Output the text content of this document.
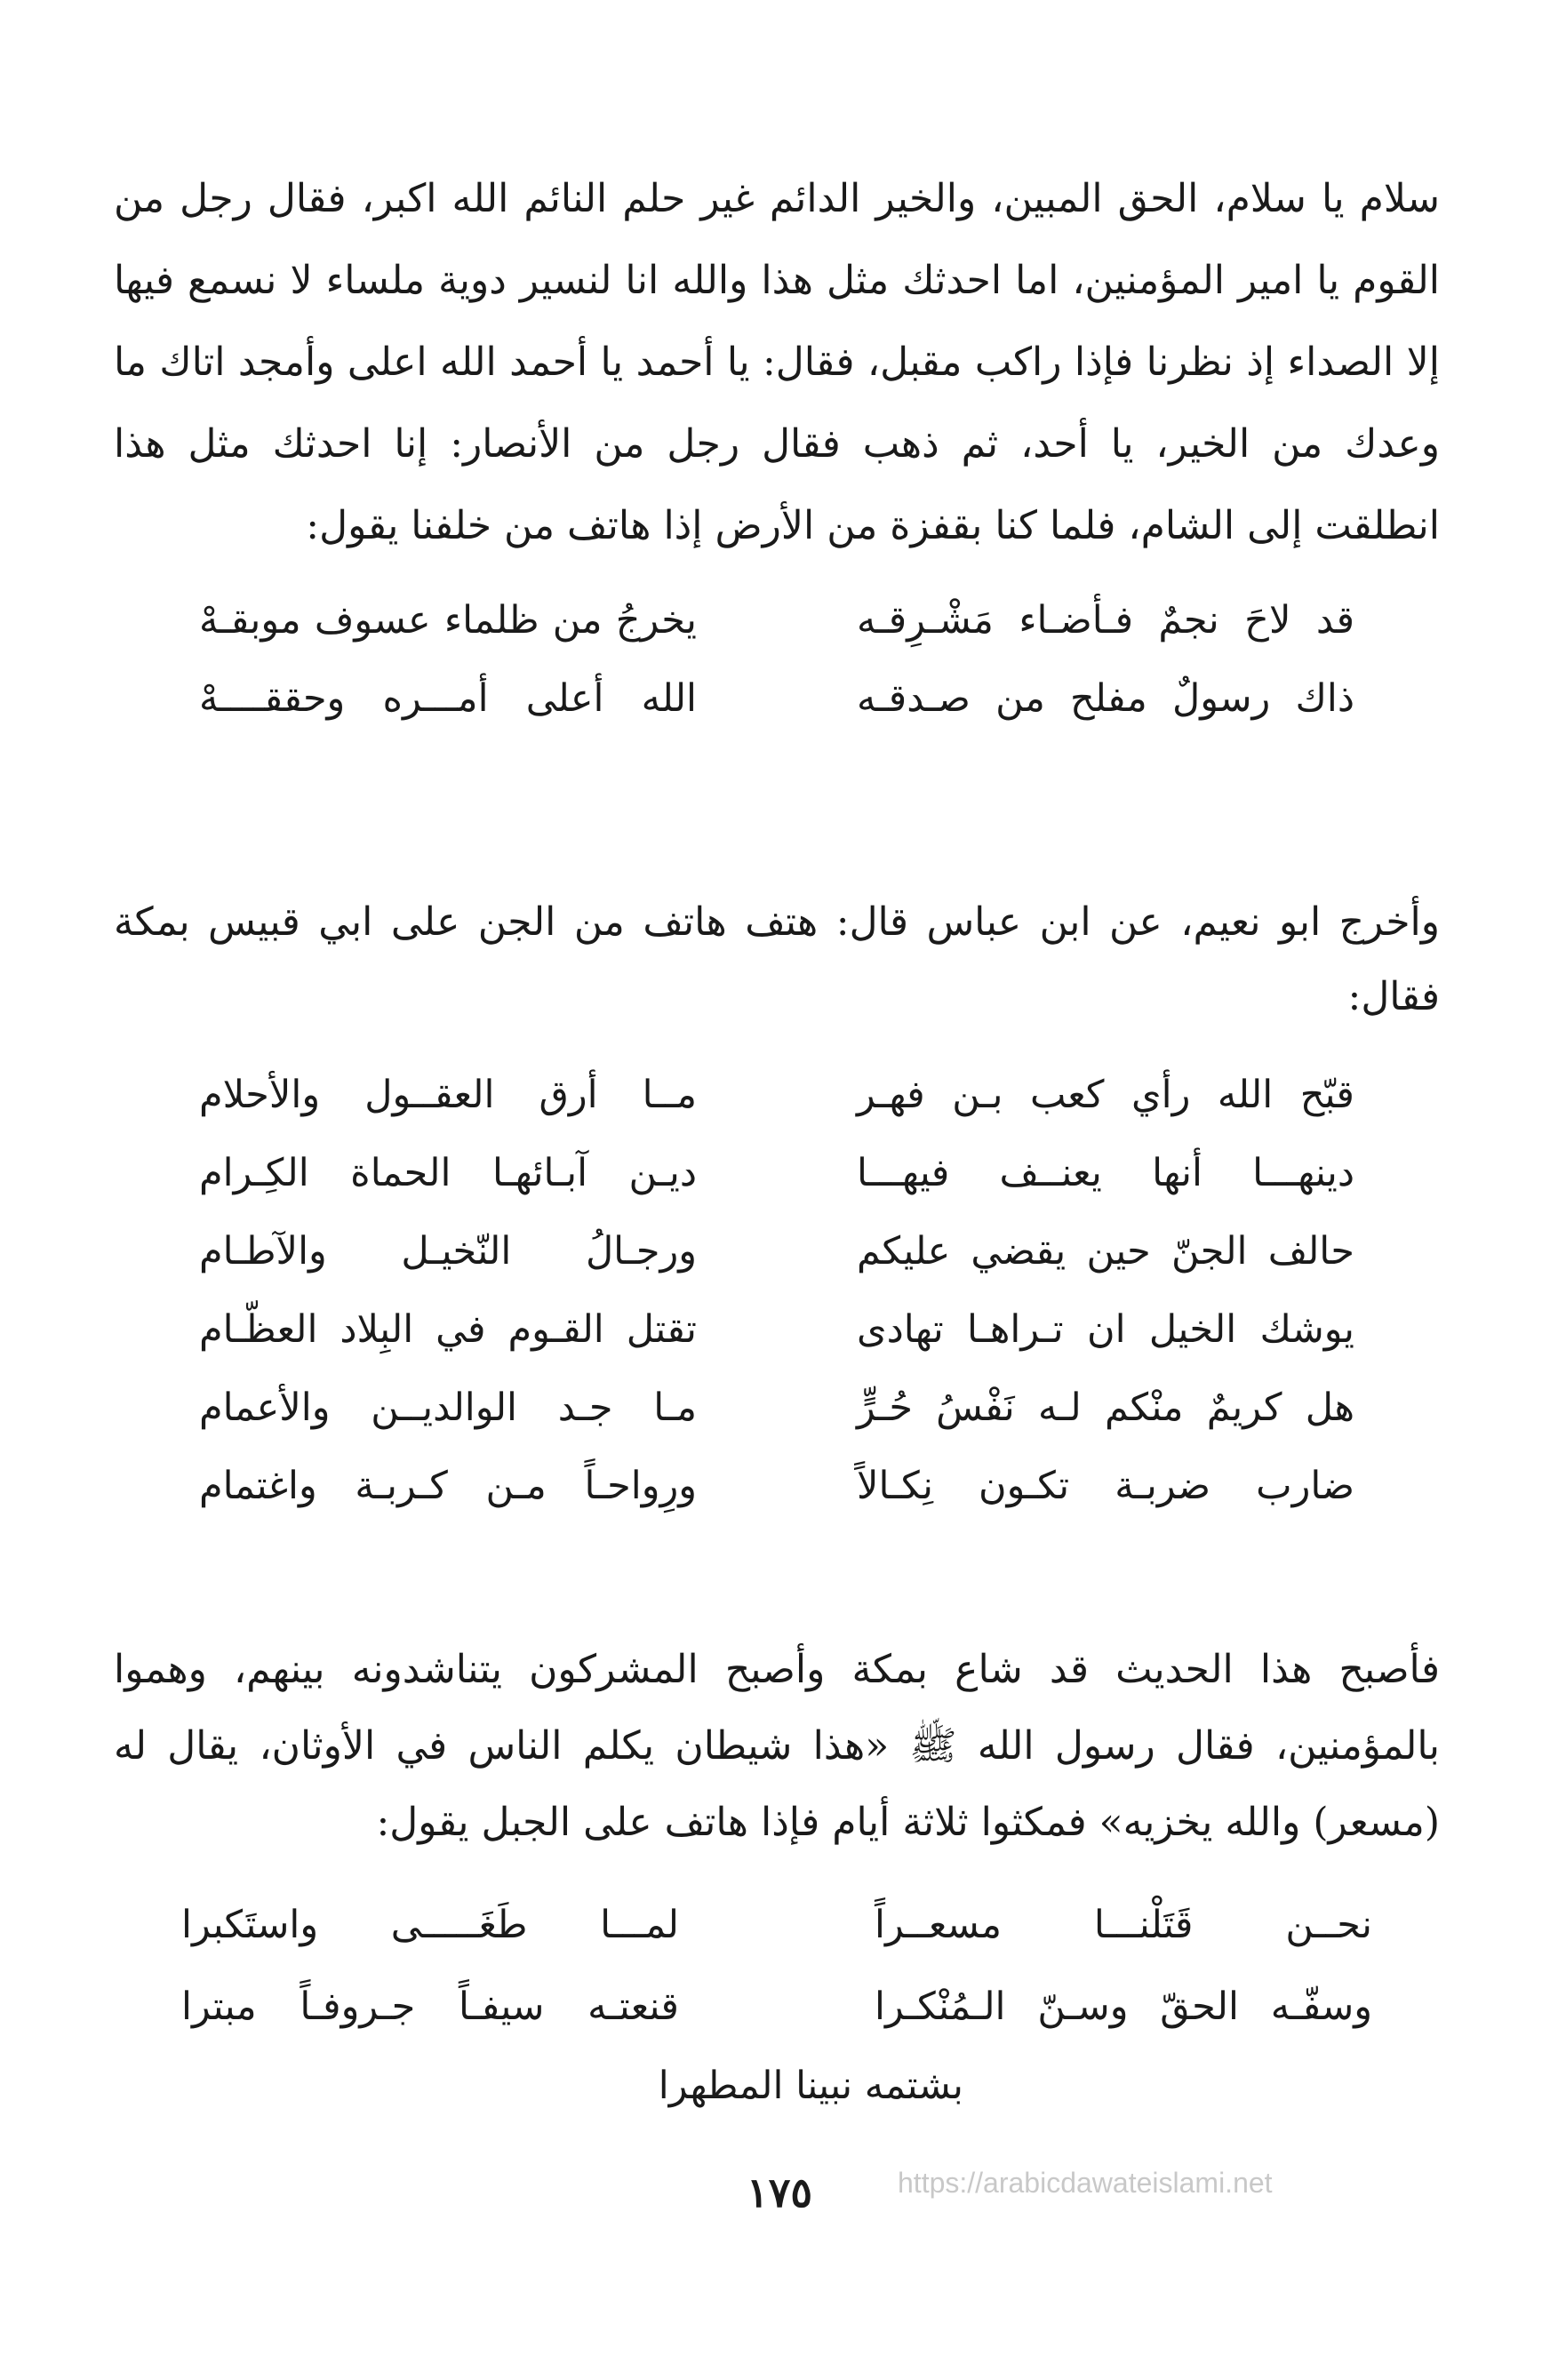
سلام يا سلام، الحق المبين، والخير الدائم غير حلم النائم الله اكبر، فقال رجل من
القوم يا امير المؤمنين، اما احدثك مثل هذا والله انا لنسير دوية ملساء لا نسمع فيها
إلا الصداء إذ نظرنا فإذا راكب مقبل، فقال: يا أحمد يا أحمد الله اعلى وأمجد اتاك ما
وعدك من الخير، يا أحد، ثم ذهب فقال رجل من الأنصار: إنا احدثك مثل هذا
انطلقت إلى الشام، فلما كنا بقفزة من الأرض إذا هاتف من خلفنا يقول:
قد لاحَ نجمٌ فـأضـاء مَشْـرِقـه
يخرجُ من ظلماء عسوف موبقـهْ
ذاك رسولٌ مفلح من صـدقـه
الله أعلى أمـــره وحققــــهْ
وأخرج ابو نعيم، عن ابن عباس قال: هتف هاتف من الجن على ابي قبيس بمكة
فقال:
قبّح الله رأي كعب بـن فهـر
مــا أرق العقــول والأحلام
دينهـــا أنها يعنــف فيهـــا
ديـن آبـائهـا الحماة الكِـرام
حالف الجنّ حين يقضي عليكم
ورجـالُ النّخيـل والآطـام
يوشك الخيل ان تـراهـا تهادى
تقتل القـوم في البِلاد العظّـام
هل كريمٌ منْكم لـه نَفْسُ حُـرٍّ
مـا جـد الوالديــن والأعمام
ضارب ضربـة تكـون نِكـالاً
ورِواحـاً مـن كـربـة واغتمام
فأصبح هذا الحديث قد شاع بمكة وأصبح المشركون يتناشدونه بينهم، وهموا
بالمؤمنين، فقال رسول الله ﷺ «هذا شيطان يكلم الناس في الأوثان، يقال له
(مسعر) والله يخزيه» فمكثوا ثلاثة أيام فإذا هاتف على الجبل يقول:
نحــن قَتَلْنـــا مسعــراً
لمـــا طَغَـــــى واستَكبرا
وسفّـه الحقّ وسـنّ الـمُنْكـرا
قنعتـه سيفـاً جـروفـاً مبترا
بشتمه نبينا المطهرا
١٧٥	https://arabicdawateislami.net
